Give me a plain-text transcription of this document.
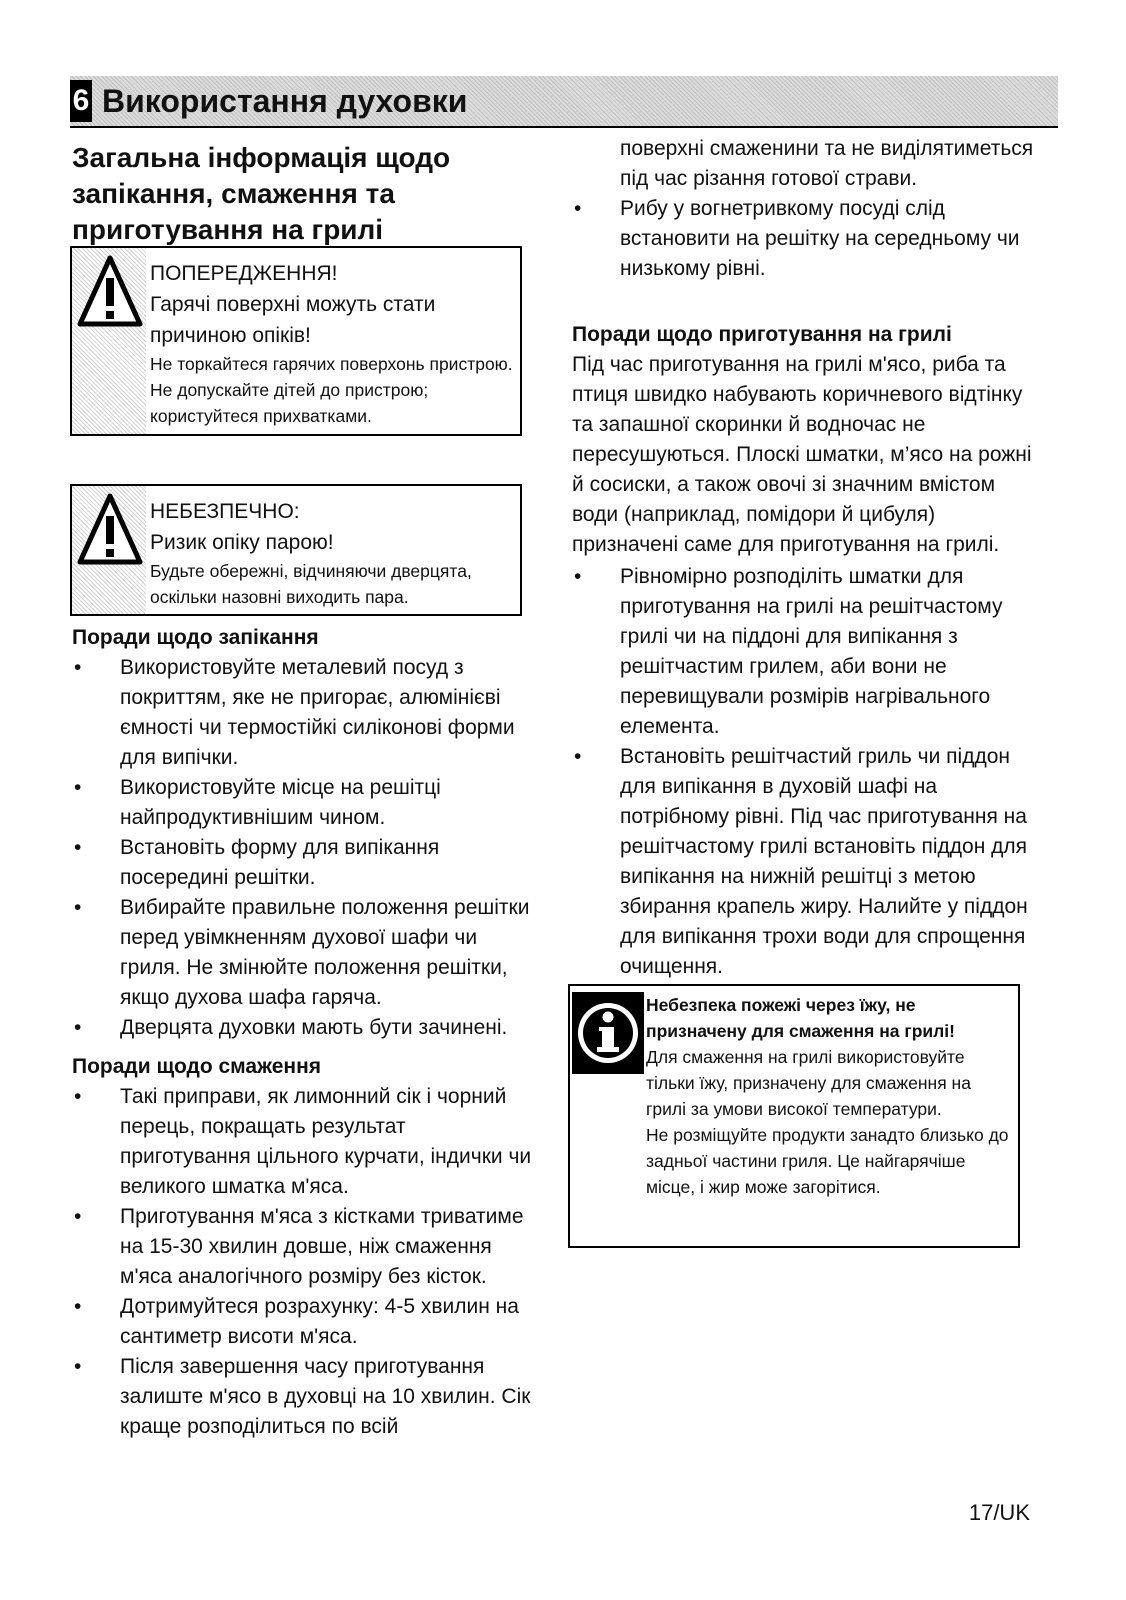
6 Використання духовки
Загальна інформація щодо запікання, смаження та приготування на грилі
ПОПЕРЕДЖЕННЯ!
Гарячі поверхні можуть стати причиною опіків!
Не торкайтеся гарячих поверхонь пристрою. Не допускайте дітей до пристрою; користуйтеся прихватками.
НЕБЕЗПЕЧНО:
Ризик опіку парою!
Будьте обережні, відчиняючи дверцята, оскільки назовні виходить пара.
Поради щодо запікання
• Використовуйте металевий посуд з покриттям, яке не пригорає, алюмінієві ємності чи термостійкі силіконові форми для випічки.
• Використовуйте місце на решітці найпродуктивнішим чином.
• Встановіть форму для випікання посередині решітки.
• Вибирайте правильне положення решітки перед увімкненням духової шафи чи гриля. Не змінюйте положення решітки, якщо духова шафа гаряча.
• Дверцята духовки мають бути зачинені.
Поради щодо смаження
• Такі приправи, як лимонний сік і чорний перець, покращать результат приготування цільного курчати, індички чи великого шматка м'яса.
• Приготування м'яса з кістками триватиме на 15-30 хвилин довше, ніж смаження м'яса аналогічного розміру без кісток.
• Дотримуйтеся розрахунку: 4-5 хвилин на сантиметр висоти м'яса.
• Після завершення часу приготування залиште м'ясо в духовці на 10 хвилин. Сік краще розподілиться по всій
поверхні смаженини та не виділятиметься під час різання готової страви.
• Рибу у вогнетривкому посуді слід встановити на решітку на середньому чи низькому рівні.
Поради щодо приготування на грилі
Під час приготування на грилі м'ясо, риба та птиця швидко набувають коричневого відтінку та запашної скоринки й водночас не пересушуються. Плоскі шматки, м’ясо на рожні й сосиски, а також овочі зі значним вмістом води (наприклад, помідори й цибуля) призначені саме для приготування на грилі.
• Рівномірно розподіліть шматки для приготування на грилі на решітчастому грилі чи на піддоні для випікання з решітчастим грилем, аби вони не перевищували розмірів нагрівального елемента.
• Встановіть решітчастий гриль чи піддон для випікання в духовій шафі на потрібному рівні. Під час приготування на решітчастому грилі встановіть піддон для випікання на нижній решітці з метою збирання крапель жиру. Налийте у піддон для випікання трохи води для спрощення очищення.
Небезпека пожежі через їжу, не призначену для смаження на грилі!
Для смаження на грилі використовуйте тільки їжу, призначену для смаження на грилі за умови високої температури.
Не розміщуйте продукти занадто близько до задньої частини гриля. Це найгарячіше місце, і жир може загорітися.
17/UK
